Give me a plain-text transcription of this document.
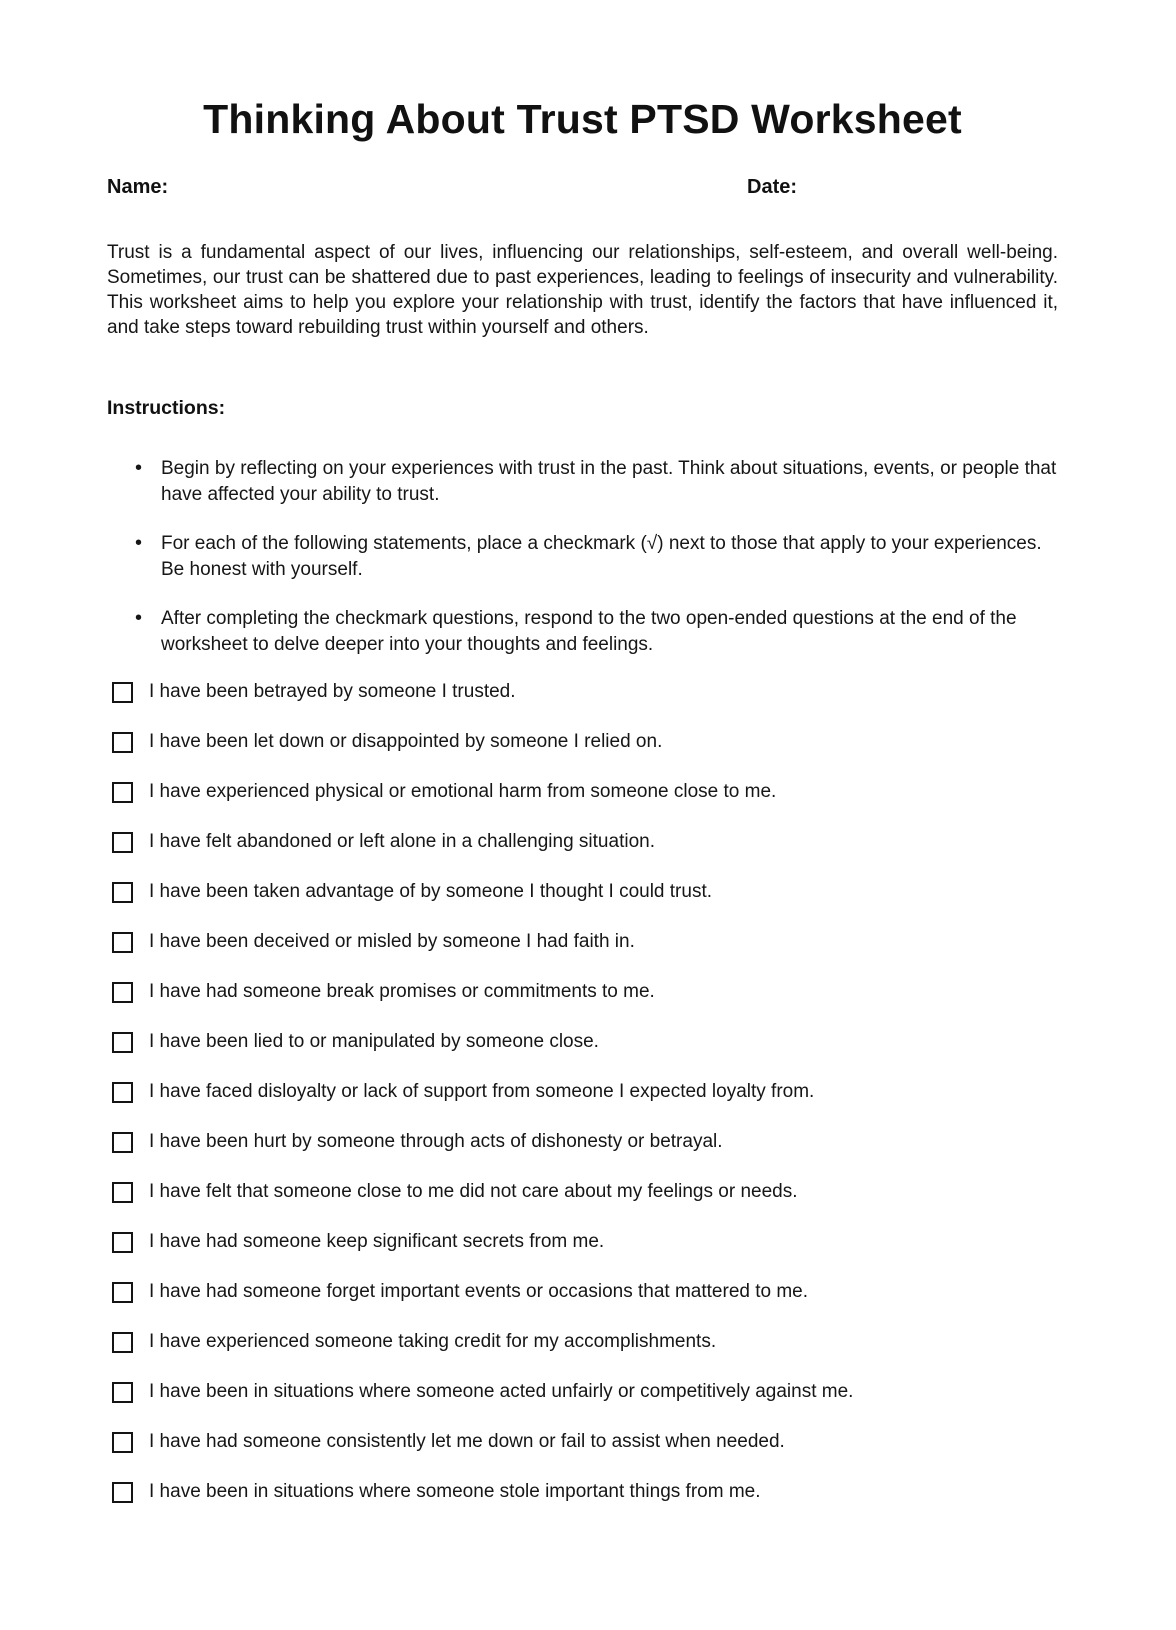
Thinking About Trust PTSD Worksheet
Name:	Date:

Trust is a fundamental aspect of our lives, influencing our relationships, self-esteem, and overall well-being. Sometimes, our trust can be shattered due to past experiences, leading to feelings of insecurity and vulnerability. This worksheet aims to help you explore your relationship with trust, identify the factors that have influenced it, and take steps toward rebuilding trust within yourself and others.

Instructions:
• Begin by reflecting on your experiences with trust in the past. Think about situations, events, or people that have affected your ability to trust.
• For each of the following statements, place a checkmark (√) next to those that apply to your experiences. Be honest with yourself.
• After completing the checkmark questions, respond to the two open-ended questions at the end of the worksheet to delve deeper into your thoughts and feelings.
I have been betrayed by someone I trusted.
I have been let down or disappointed by someone I relied on.
I have experienced physical or emotional harm from someone close to me.
I have felt abandoned or left alone in a challenging situation.
I have been taken advantage of by someone I thought I could trust.
I have been deceived or misled by someone I had faith in.
I have had someone break promises or commitments to me.
I have been lied to or manipulated by someone close.
I have faced disloyalty or lack of support from someone I expected loyalty from.
I have been hurt by someone through acts of dishonesty or betrayal.
I have felt that someone close to me did not care about my feelings or needs.
I have had someone keep significant secrets from me.
I have had someone forget important events or occasions that mattered to me.
I have experienced someone taking credit for my accomplishments.
I have been in situations where someone acted unfairly or competitively against me.
I have had someone consistently let me down or fail to assist when needed.
I have been in situations where someone stole important things from me.
